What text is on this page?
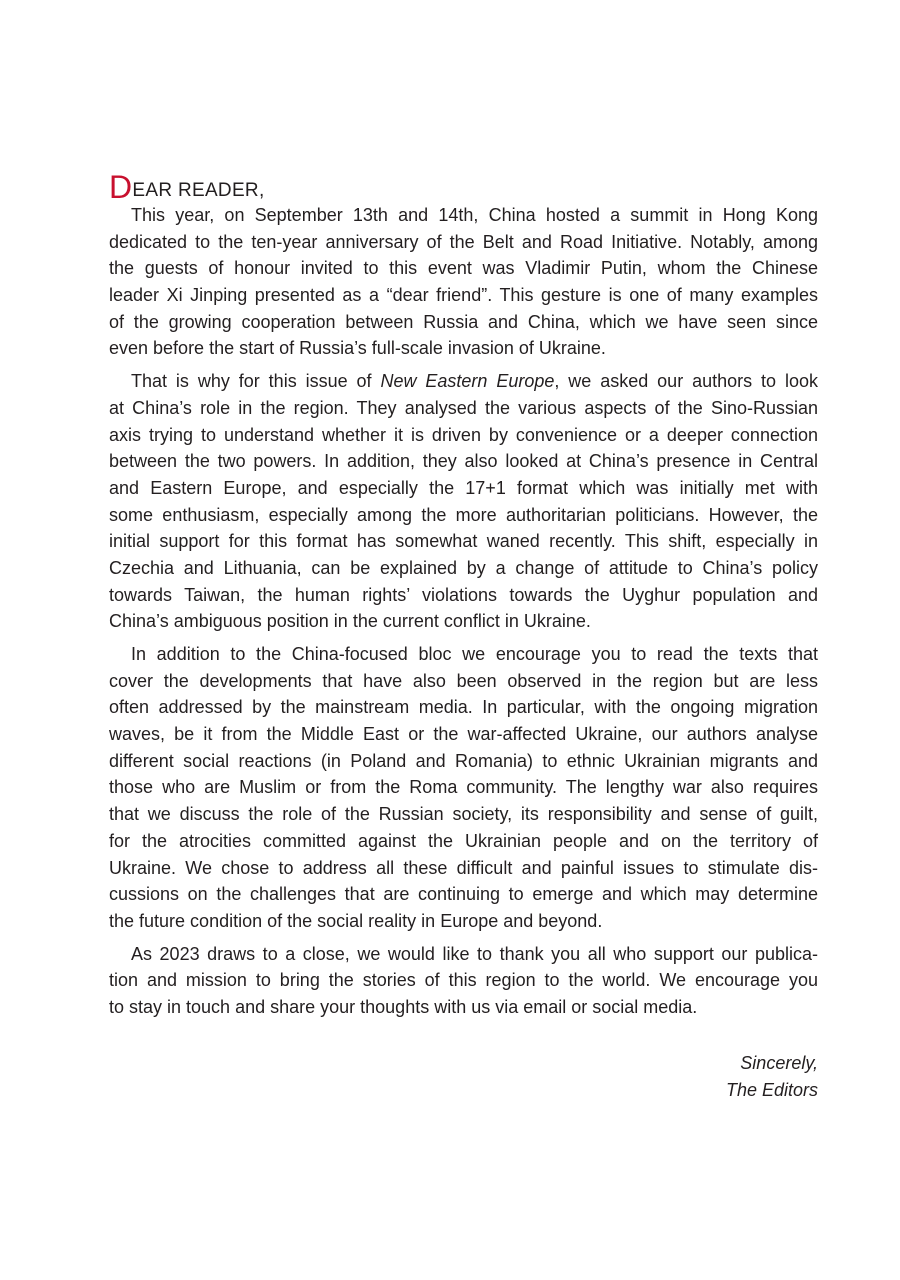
DEAR READER,
This year, on September 13th and 14th, China hosted a summit in Hong Kong
dedicated to the ten-year anniversary of the Belt and Road Initiative. Notably, among
the guests of honour invited to this event was Vladimir Putin, whom the Chinese
leader Xi Jinping presented as a “dear friend”. This gesture is one of many examples
of the growing cooperation between Russia and China, which we have seen since
even before the start of Russia’s full-scale invasion of Ukraine.
That is why for this issue of New Eastern Europe, we asked our authors to look
at China’s role in the region. They analysed the various aspects of the Sino-Russian
axis trying to understand whether it is driven by convenience or a deeper connection
between the two powers. In addition, they also looked at China’s presence in Central
and Eastern Europe, and especially the 17+1 format which was initially met with
some enthusiasm, especially among the more authoritarian politicians. However, the
initial support for this format has somewhat waned recently. This shift, especially in
Czechia and Lithuania, can be explained by a change of attitude to China’s policy
towards Taiwan, the human rights’ violations towards the Uyghur population and
China’s ambiguous position in the current conflict in Ukraine.
In addition to the China-focused bloc we encourage you to read the texts that
cover the developments that have also been observed in the region but are less
often addressed by the mainstream media. In particular, with the ongoing migration
waves, be it from the Middle East or the war-affected Ukraine, our authors analyse
different social reactions (in Poland and Romania) to ethnic Ukrainian migrants and
those who are Muslim or from the Roma community. The lengthy war also requires
that we discuss the role of the Russian society, its responsibility and sense of guilt,
for the atrocities committed against the Ukrainian people and on the territory of
Ukraine. We chose to address all these difficult and painful issues to stimulate dis-
cussions on the challenges that are continuing to emerge and which may determine
the future condition of the social reality in Europe and beyond.
As 2023 draws to a close, we would like to thank you all who support our publica-
tion and mission to bring the stories of this region to the world. We encourage you
to stay in touch and share your thoughts with us via email or social media.
Sincerely,
The Editors
